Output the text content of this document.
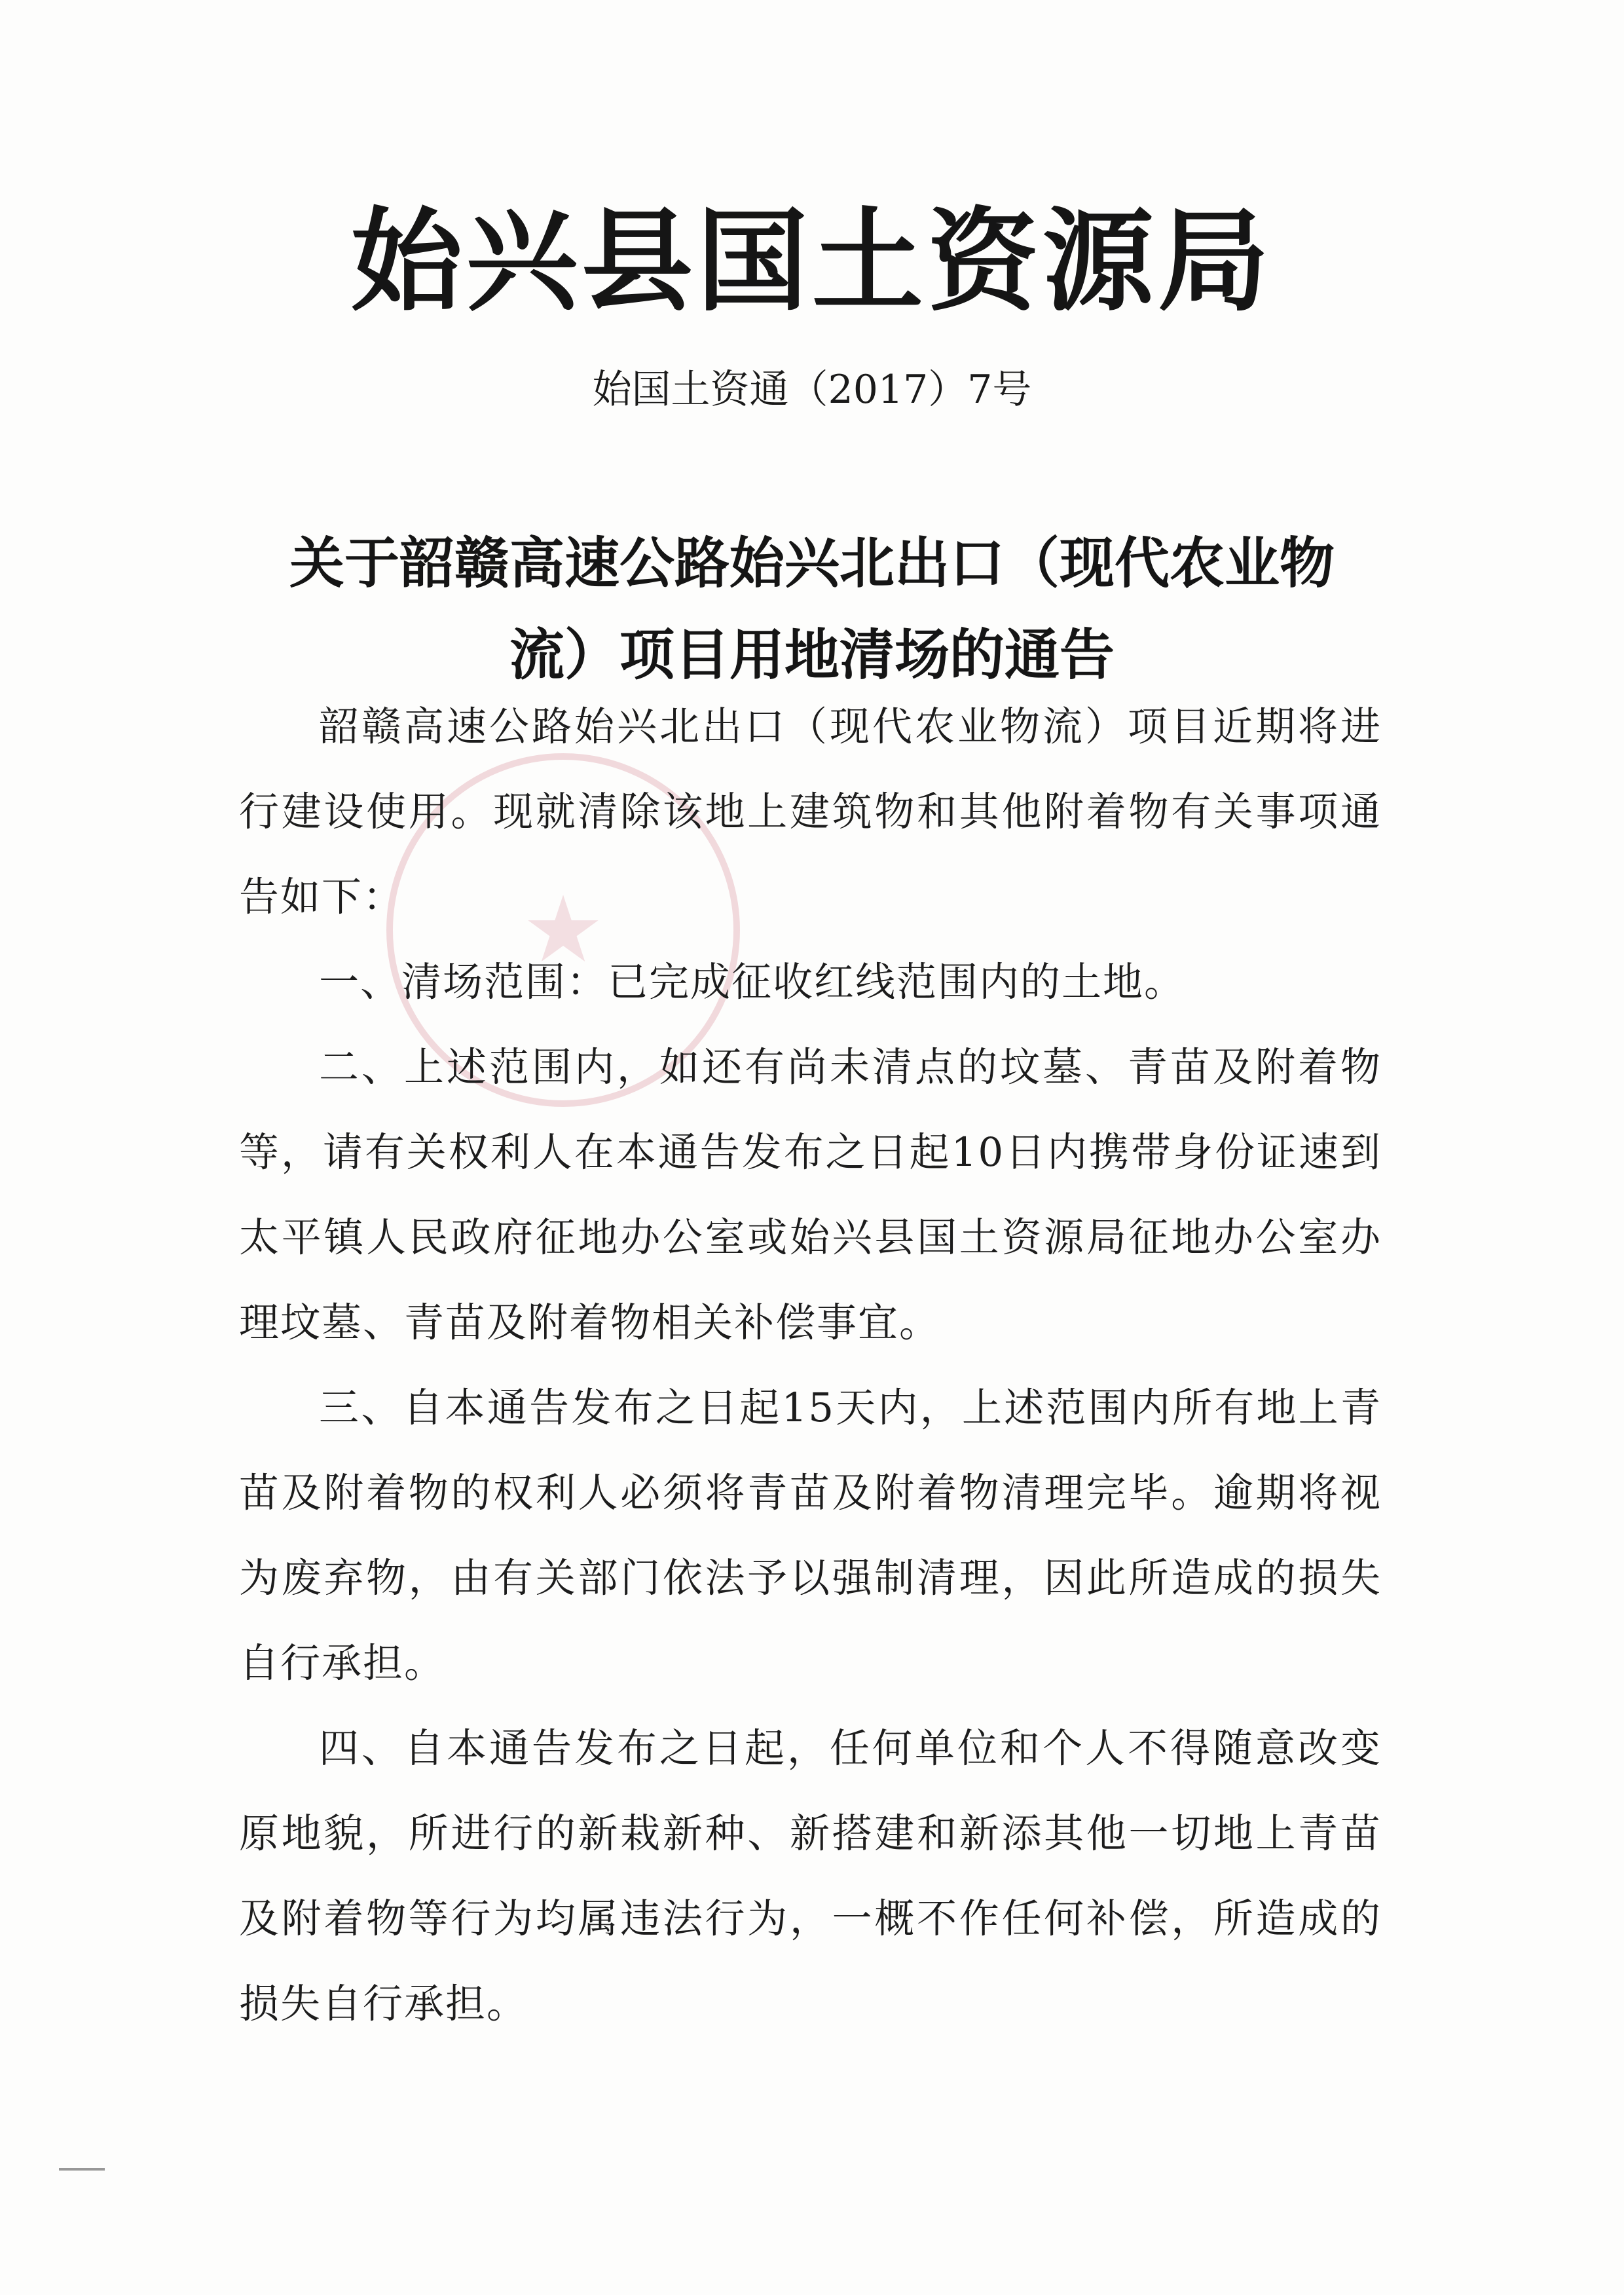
始兴县国土资源局
始国土资通（2017）7号
关于韶赣高速公路始兴北出口（现代农业物
流）项目用地清场的通告
★

韶赣高速公路始兴北出口（现代农业物流）项目近期将进行建设使用。现就清除该地上建筑物和其他附着物有关事项通告如下：

一、清场范围：已完成征收红线范围内的土地。

二、上述范围内，如还有尚未清点的坟墓、青苗及附着物等，请有关权利人在本通告发布之日起10日内携带身份证速到太平镇人民政府征地办公室或始兴县国土资源局征地办公室办理坟墓、青苗及附着物相关补偿事宜。

三、自本通告发布之日起15天内，上述范围内所有地上青苗及附着物的权利人必须将青苗及附着物清理完毕。逾期将视为废弃物，由有关部门依法予以强制清理，因此所造成的损失自行承担。

四、自本通告发布之日起，任何单位和个人不得随意改变原地貌，所进行的新栽新种、新搭建和新添其他一切地上青苗及附着物等行为均属违法行为，一概不作任何补偿，所造成的损失自行承担。
